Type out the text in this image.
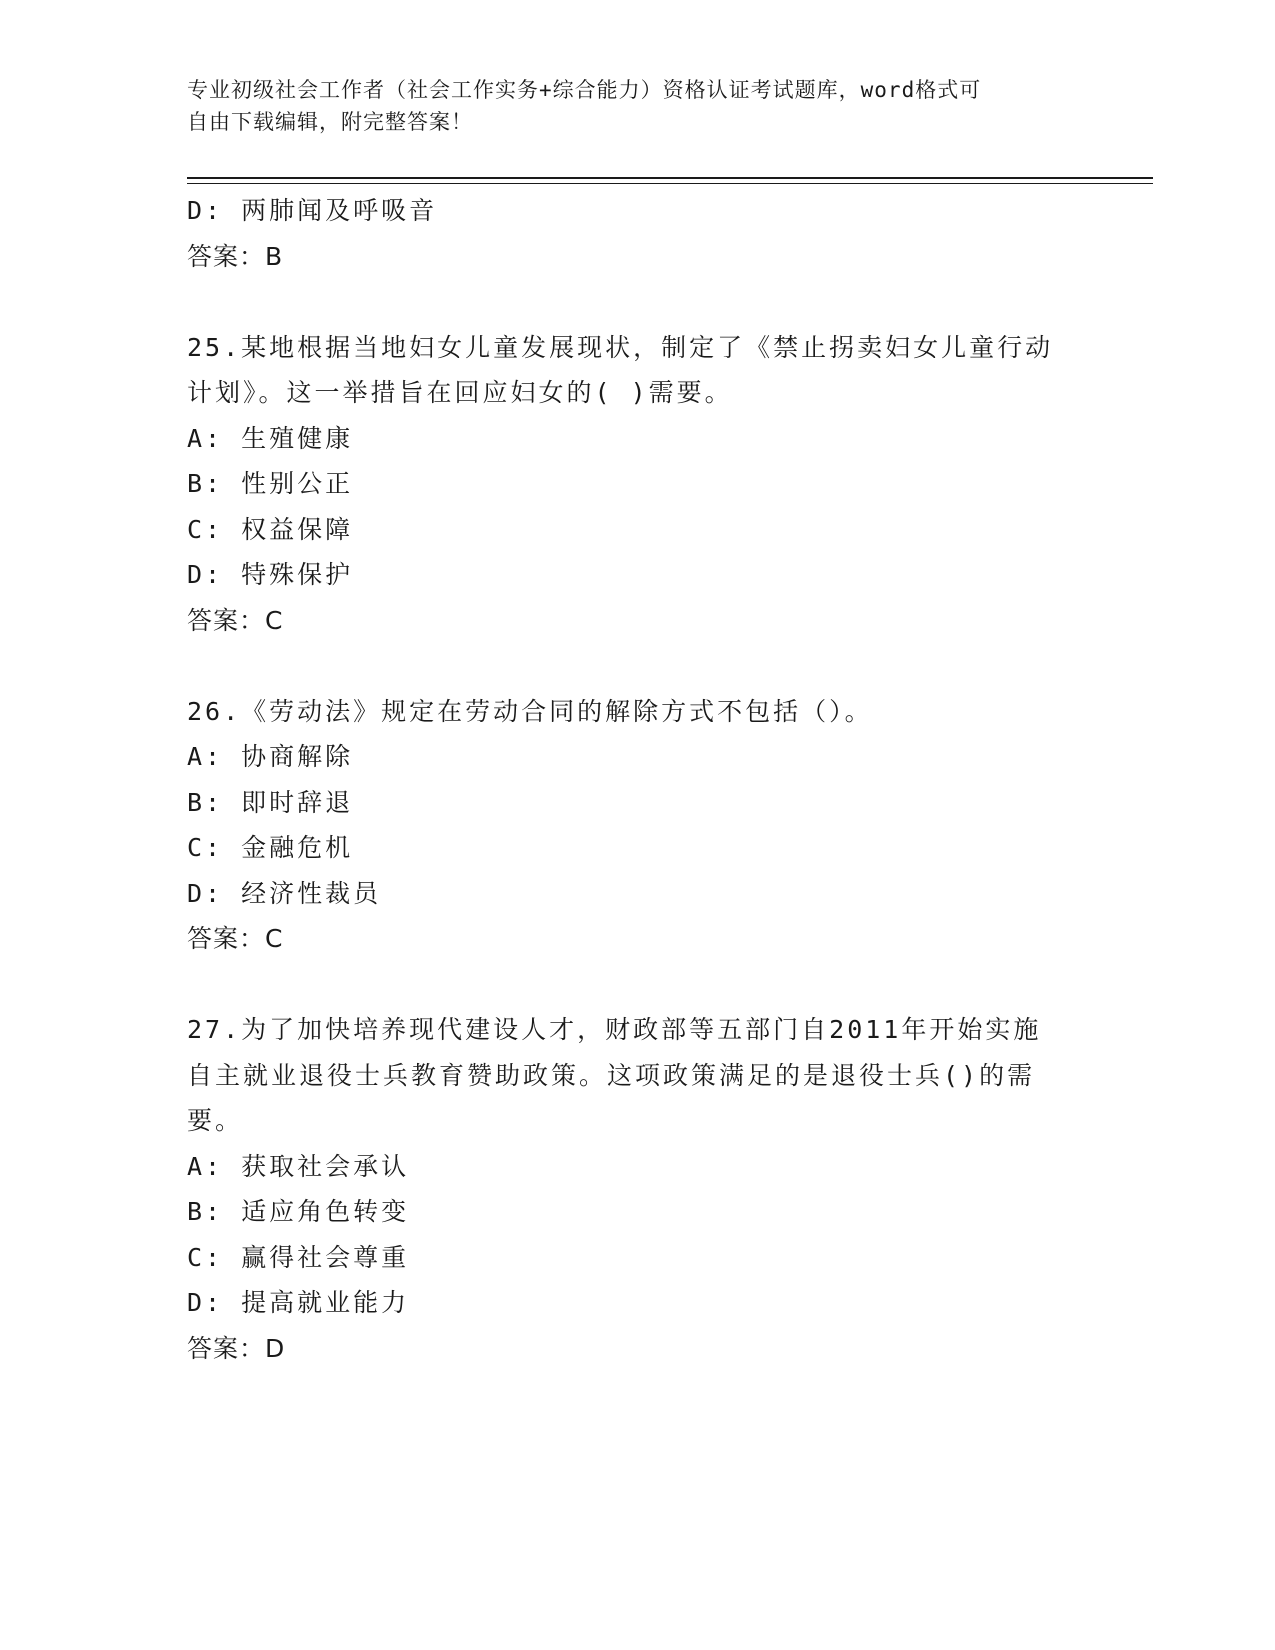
专业初级社会工作者（社会工作实务+综合能力）资格认证考试题库，word格式可
自由下载编辑，附完整答案！
D: 两肺闻及呼吸音
答案：B
25.某地根据当地妇女儿童发展现状，制定了《禁止拐卖妇女儿童行动
计划》。这一举措旨在回应妇女的( )需要。
A: 生殖健康
B: 性别公正
C: 权益保障
D: 特殊保护
答案：C
26.《劳动法》规定在劳动合同的解除方式不包括（）。
A: 协商解除
B: 即时辞退
C: 金融危机
D: 经济性裁员
答案：C
27.为了加快培养现代建设人才，财政部等五部门自2011年开始实施
自主就业退役士兵教育赞助政策。这项政策满足的是退役士兵()的需
要。
A: 获取社会承认
B: 适应角色转变
C: 赢得社会尊重
D: 提高就业能力
答案：D
